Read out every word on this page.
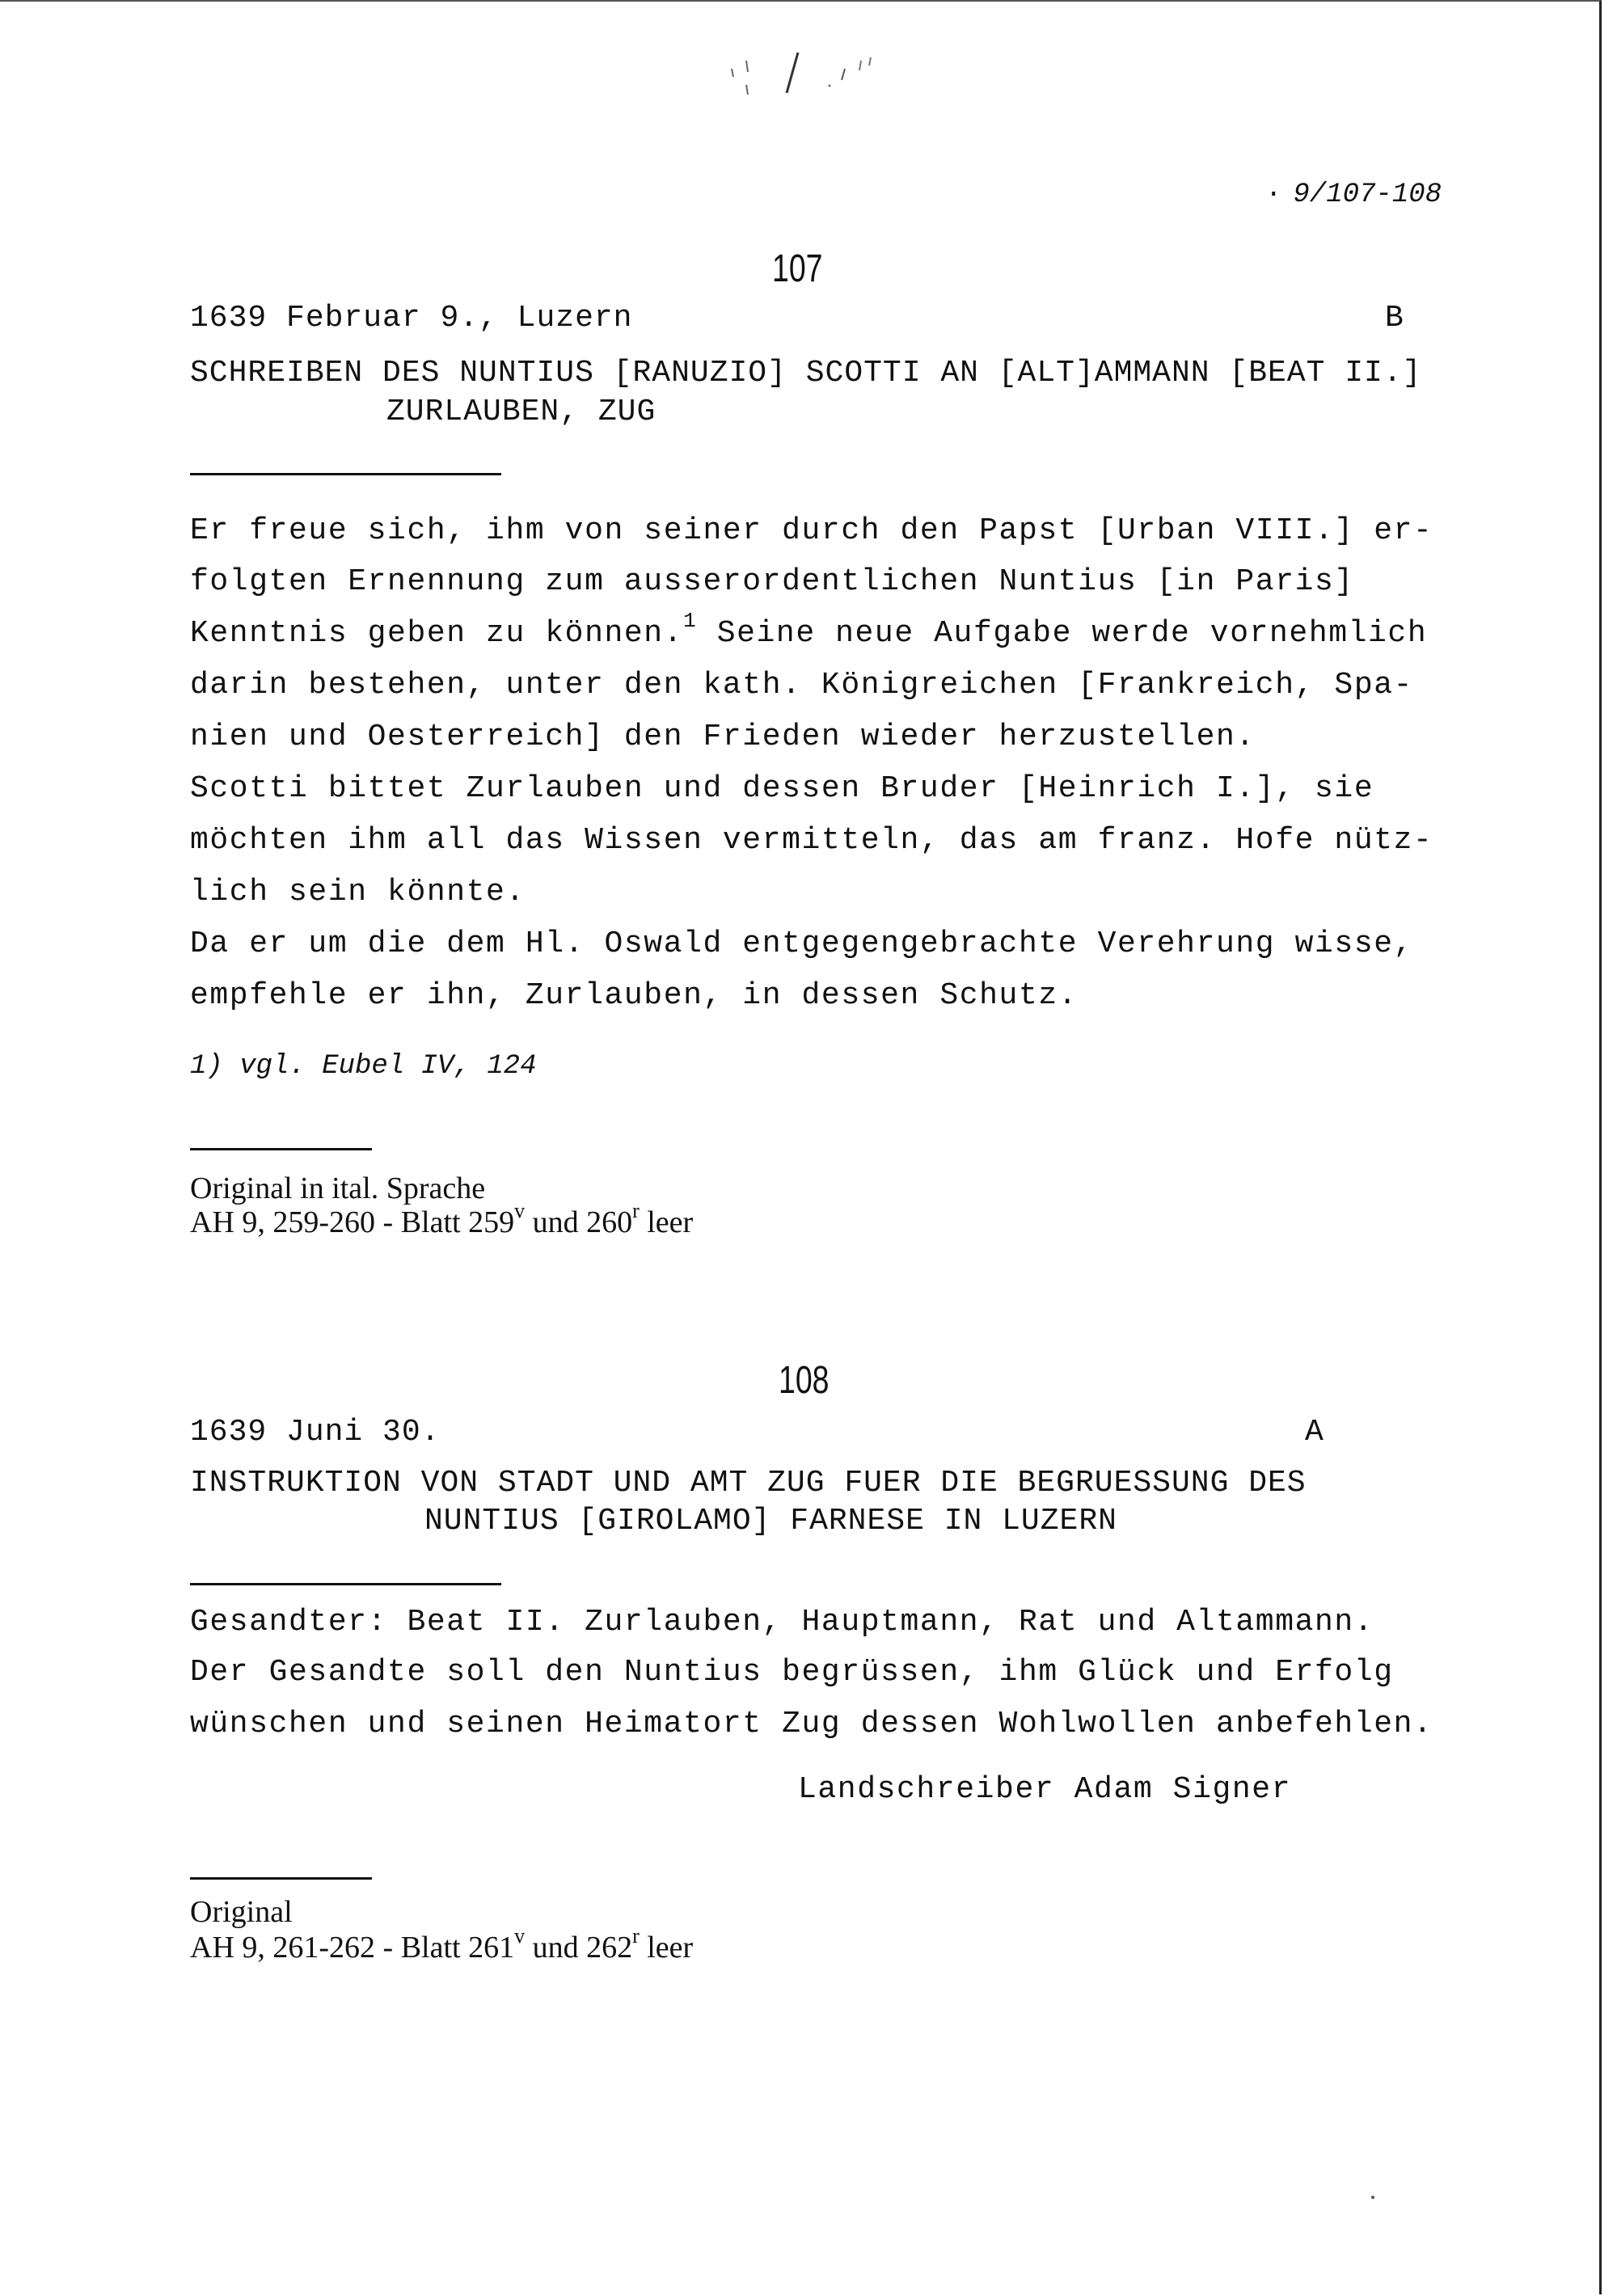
· 9/107-108
107
1639 Februar 9., Luzern	B
SCHREIBEN DES NUNTIUS [RANUZIO] SCOTTI AN [ALT]AMMANN [BEAT II.]
ZURLAUBEN, ZUG
Er freue sich, ihm von seiner durch den Papst [Urban VIII.] er-
folgten Ernennung zum ausserordentlichen Nuntius [in Paris]
Kenntnis geben zu können.$^1$ Seine neue Aufgabe werde vornehmlich
darin bestehen, unter den kath. Königreichen [Frankreich, Spa-
nien und Oesterreich] den Frieden wieder herzustellen.
Scotti bittet Zurlauben und dessen Bruder [Heinrich I.], sie
möchten ihm all das Wissen vermitteln, das am franz. Hofe nütz-
lich sein könnte.
Da er um die dem Hl. Oswald entgegengebrachte Verehrung wisse,
empfehle er ihn, Zurlauben, in dessen Schutz.
1) vgl. Eubel IV, 124
Original in ital. Sprache
AH 9, 259-260 - Blatt 259$^v$ und 260$^r$ leer
108
1639 Juni 30.	A
INSTRUKTION VON STADT UND AMT ZUG FUER DIE BEGRUESSUNG DES
NUNTIUS [GIROLAMO] FARNESE IN LUZERN
Gesandter: Beat II. Zurlauben, Hauptmann, Rat und Altammann.
Der Gesandte soll den Nuntius begrüssen, ihm Glück und Erfolg
wünschen und seinen Heimatort Zug dessen Wohlwollen anbefehlen.
Landschreiber Adam Signer
Original
AH 9, 261-262 - Blatt 261$^v$ und 262$^r$ leer
